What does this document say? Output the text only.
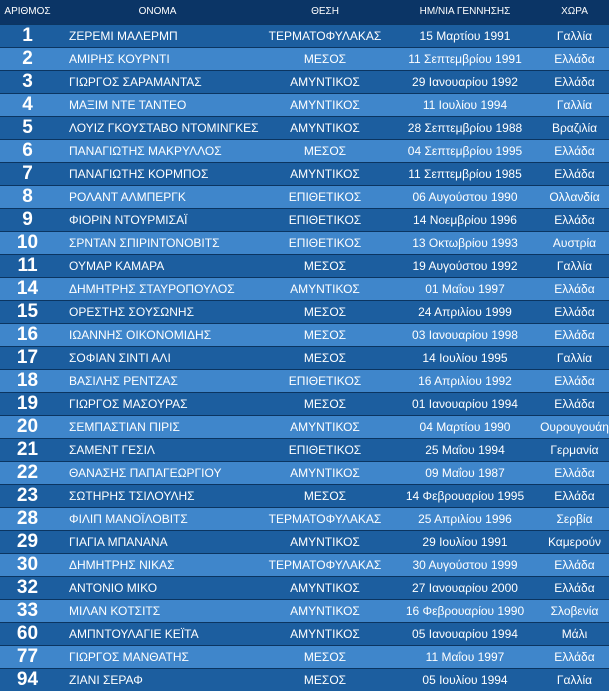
ΑΡΙΘΜΟΣ	ΟΝΟΜΑ	ΘΕΣΗ	ΗΜ/ΝΙΑ ΓΕΝΝΗΣΗΣ	ΧΩΡΑ
1	ΖΕΡΕΜΙ ΜΑΛΕΡΜΠ	ΤΕΡΜΑΤΟΦΥΛΑΚΑΣ	15 Μαρτίου 1991	Γαλλία
2	ΑΜΙΡΗΣ ΚΟΥΡΝΤΙ	ΜΕΣΟΣ	11 Σεπτεμβρίου 1991	Ελλάδα
3	ΓΙΩΡΓΟΣ ΣΑΡΑΜΑΝΤΑΣ	ΑΜΥΝΤΙΚΟΣ	29 Ιανουαρίου 1992	Ελλάδα
4	ΜΑΞΙΜ ΝΤΕ ΤΑΝΤΕΟ	ΑΜΥΝΤΙΚΟΣ	11 Ιουλίου 1994	Γαλλία
5	ΛΟΥΙΖ ΓΚΟΥΣΤΑΒΟ ΝΤΟΜΙΝΓΚΕΣ	ΑΜΥΝΤΙΚΟΣ	28 Σεπτεμβρίου 1988	Βραζιλία
6	ΠΑΝΑΓΙΩΤΗΣ ΜΑΚΡΥΛΛΟΣ	ΜΕΣΟΣ	04 Σεπτεμβρίου 1995	Ελλάδα
7	ΠΑΝΑΓΙΩΤΗΣ ΚΟΡΜΠΟΣ	ΑΜΥΝΤΙΚΟΣ	11 Σεπτεμβρίου 1985	Ελλάδα
8	ΡΟΛΑΝΤ ΑΛΜΠΕΡΓΚ	ΕΠΙΘΕΤΙΚΟΣ	06 Αυγούστου 1990	Ολλανδία
9	ΦΙΟΡΙΝ ΝΤΟΥΡΜΙΣΑΪ	ΕΠΙΘΕΤΙΚΟΣ	14 Νοεμβρίου 1996	Ελλάδα
10	ΣΡΝΤΑΝ ΣΠΙΡΙΝΤΟΝΟΒΙΤΣ	ΕΠΙΘΕΤΙΚΟΣ	13 Οκτωβρίου 1993	Αυστρία
11	ΟΥΜΑΡ ΚΑΜΑΡΑ	ΜΕΣΟΣ	19 Αυγούστου 1992	Γαλλία
14	ΔΗΜΗΤΡΗΣ ΣΤΑΥΡΟΠΟΥΛΟΣ	ΑΜΥΝΤΙΚΟΣ	01 Μαΐου 1997	Ελλάδα
15	ΟΡΕΣΤΗΣ ΣΟΥΣΩΝΗΣ	ΜΕΣΟΣ	24 Απριλίου 1999	Ελλάδα
16	ΙΩΑΝΝΗΣ ΟΙΚΟΝΟΜΙΔΗΣ	ΜΕΣΟΣ	03 Ιανουαρίου 1998	Ελλάδα
17	ΣΟΦΙΑΝ ΣΙΝΤΙ ΑΛΙ	ΜΕΣΟΣ	14 Ιουλίου 1995	Γαλλία
18	ΒΑΣΙΛΗΣ ΡΕΝΤΖΑΣ	ΕΠΙΘΕΤΙΚΟΣ	16 Απριλίου 1992	Ελλάδα
19	ΓΙΩΡΓΟΣ ΜΑΣΟΥΡΑΣ	ΜΕΣΟΣ	01 Ιανουαρίου 1994	Ελλάδα
20	ΣΕΜΠΑΣΤΙΑΝ ΠΙΡΙΣ	ΑΜΥΝΤΙΚΟΣ	04 Μαρτίου 1990	Ουρουγουάη
21	ΣΑΜΕΝΤ ΓΕΣΙΛ	ΕΠΙΘΕΤΙΚΟΣ	25 Μαΐου 1994	Γερμανία
22	ΘΑΝΑΣΗΣ ΠΑΠΑΓΕΩΡΓΙΟΥ	ΑΜΥΝΤΙΚΟΣ	09 Μαΐου 1987	Ελλάδα
23	ΣΩΤΗΡΗΣ ΤΣΙΛΟΥΛΗΣ	ΜΕΣΟΣ	14 Φεβρουαρίου 1995	Ελλάδα
28	ΦΙΛΙΠ ΜΑΝΟΪΛΟΒΙΤΣ	ΤΕΡΜΑΤΟΦΥΛΑΚΑΣ	25 Απριλίου 1996	Σερβία
29	ΓΙΑΓΙΑ ΜΠΑΝΑΝΑ	ΑΜΥΝΤΙΚΟΣ	29 Ιουλίου 1991	Καμερούν
30	ΔΗΜΗΤΡΗΣ ΝΙΚΑΣ	ΤΕΡΜΑΤΟΦΥΛΑΚΑΣ	30 Αυγούστου 1999	Ελλάδα
32	ΑΝΤΟΝΙΟ ΜΙΚΟ	ΑΜΥΝΤΙΚΟΣ	27 Ιανουαρίου 2000	Ελλάδα
33	ΜΙΛΑΝ ΚΟΤΣΙΤΣ	ΑΜΥΝΤΙΚΟΣ	16 Φεβρουαρίου 1990	Σλοβενία
60	ΑΜΠΝΤΟΥΛΑΓΙΕ ΚΕΪΤΑ	ΑΜΥΝΤΙΚΟΣ	05 Ιανουαρίου 1994	Μάλι
77	ΓΙΩΡΓΟΣ ΜΑΝΘΑΤΗΣ	ΜΕΣΟΣ	11 Μαΐου 1997	Ελλάδα
94	ΖΙΑΝΙ ΣΕΡΑΦ	ΜΕΣΟΣ	05 Ιουλίου 1994	Γαλλία
